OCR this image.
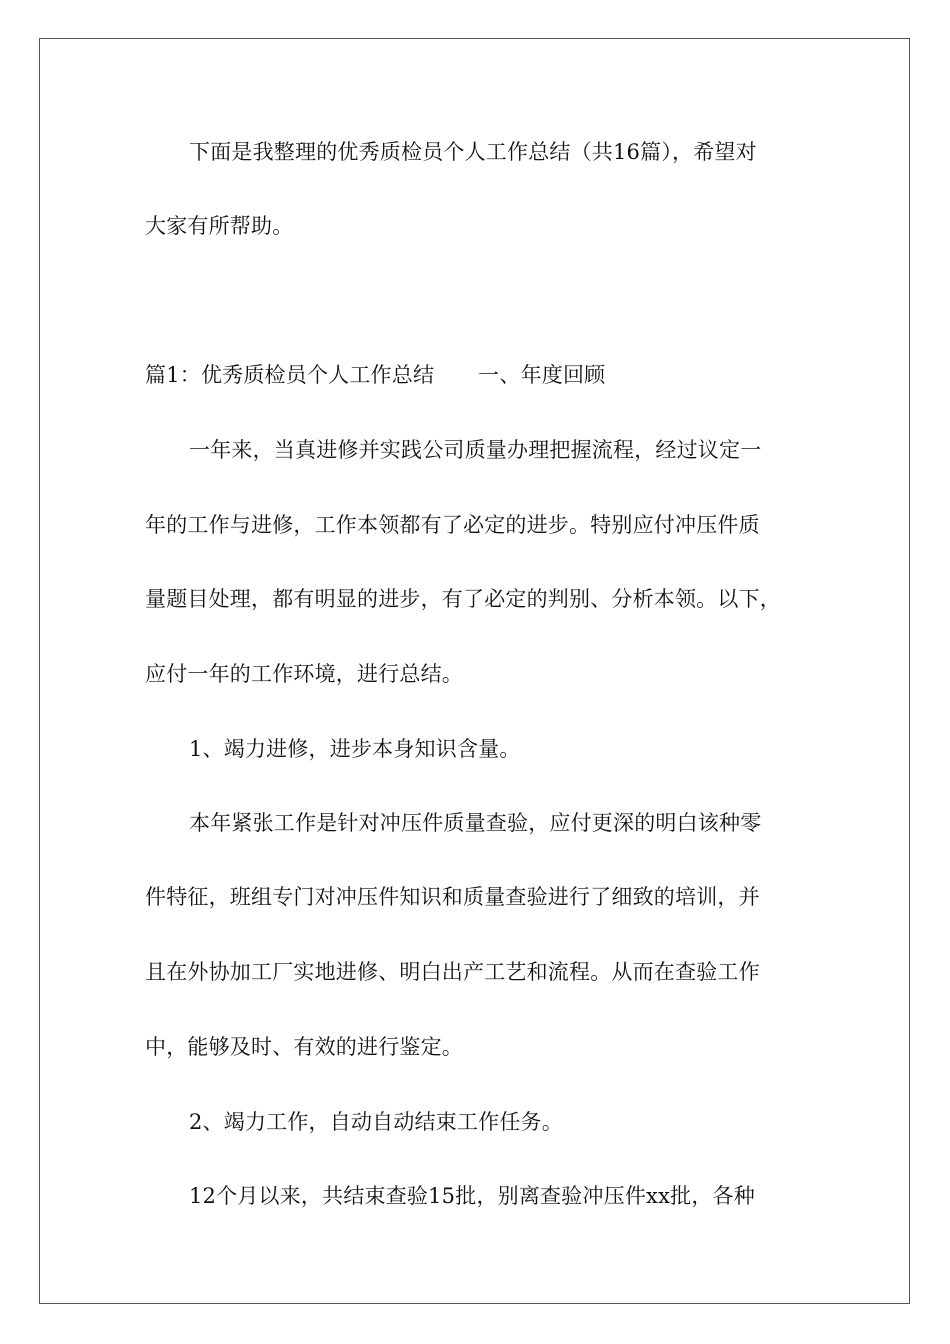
下面是我整理的优秀质检员个人工作总结（共16篇），希望对
大家有所帮助。
篇1：优秀质检员个人工作总结 一、年度回顾
一年来，当真进修并实践公司质量办理把握流程，经过议定一
年的工作与进修，工作本领都有了必定的进步。特别应付冲压件质
量题目处理，都有明显的进步，有了必定的判别、分析本领。以下，
应付一年的工作环境，进行总结。
1、竭力进修，进步本身知识含量。
本年紧张工作是针对冲压件质量查验，应付更深的明白该种零
件特征，班组专门对冲压件知识和质量查验进行了细致的培训，并
且在外协加工厂实地进修、明白出产工艺和流程。从而在查验工作
中，能够及时、有效的进行鉴定。
2、竭力工作，自动自动结束工作任务。
12个月以来，共结束查验15批，别离查验冲压件xx批，各种
